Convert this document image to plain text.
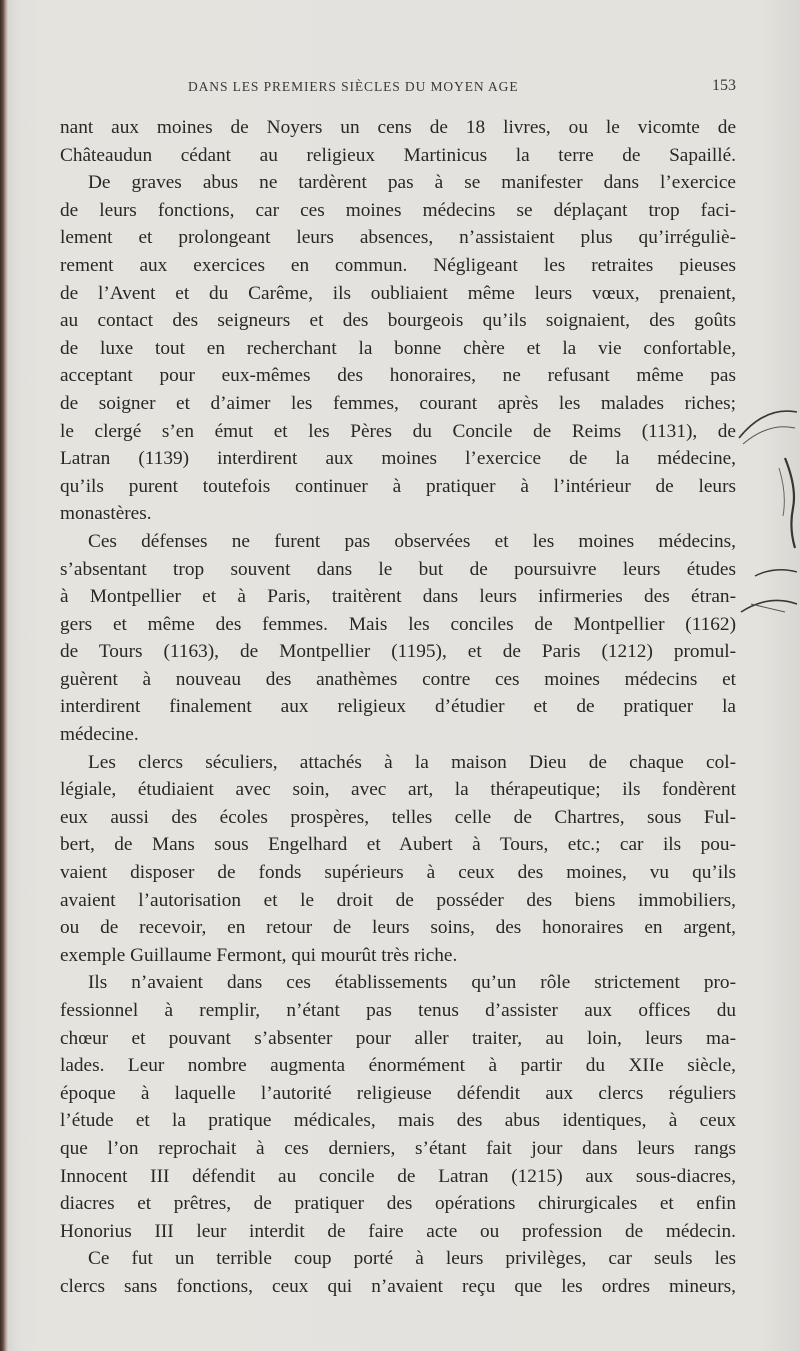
DANS LES PREMIERS SIÈCLES DU MOYEN AGE	153
nant aux moines de Noyers un cens de 18 livres, ou le vicomte de
Châteaudun cédant au religieux Martinicus la terre de Sapaillé.
De graves abus ne tardèrent pas à se manifester dans l’exercice
de leurs fonctions, car ces moines médecins se déplaçant trop faci-
lement et prolongeant leurs absences, n’assistaient plus qu’irréguliè-
rement aux exercices en commun. Négligeant les retraites pieuses
de l’Avent et du Carême, ils oubliaient même leurs vœux, prenaient,
au contact des seigneurs et des bourgeois qu’ils soignaient, des goûts
de luxe tout en recherchant la bonne chère et la vie confortable,
acceptant pour eux-mêmes des honoraires, ne refusant même pas
de soigner et d’aimer les femmes, courant après les malades riches;
le clergé s’en émut et les Pères du Concile de Reims (1131), de
Latran (1139) interdirent aux moines l’exercice de la médecine,
qu’ils purent toutefois continuer à pratiquer à l’intérieur de leurs
monastères.
Ces défenses ne furent pas observées et les moines médecins,
s’absentant trop souvent dans le but de poursuivre leurs études
à Montpellier et à Paris, traitèrent dans leurs infirmeries des étran-
gers et même des femmes. Mais les conciles de Montpellier (1162)
de Tours (1163), de Montpellier (1195), et de Paris (1212) promul-
guèrent à nouveau des anathèmes contre ces moines médecins et
interdirent finalement aux religieux d’étudier et de pratiquer la
médecine.
Les clercs séculiers, attachés à la maison Dieu de chaque col-
légiale, étudiaient avec soin, avec art, la thérapeutique; ils fondèrent
eux aussi des écoles prospères, telles celle de Chartres, sous Ful-
bert, de Mans sous Engelhard et Aubert à Tours, etc.; car ils pou-
vaient disposer de fonds supérieurs à ceux des moines, vu qu’ils
avaient l’autorisation et le droit de posséder des biens immobiliers,
ou de recevoir, en retour de leurs soins, des honoraires en argent,
exemple Guillaume Fermont, qui mourût très riche.
Ils n’avaient dans ces établissements qu’un rôle strictement pro-
fessionnel à remplir, n’étant pas tenus d’assister aux offices du
chœur et pouvant s’absenter pour aller traiter, au loin, leurs ma-
lades. Leur nombre augmenta énormément à partir du XIIe siècle,
époque à laquelle l’autorité religieuse défendit aux clercs réguliers
l’étude et la pratique médicales, mais des abus identiques, à ceux
que l’on reprochait à ces derniers, s’étant fait jour dans leurs rangs
Innocent III défendit au concile de Latran (1215) aux sous-diacres,
diacres et prêtres, de pratiquer des opérations chirurgicales et enfin
Honorius III leur interdit de faire acte ou profession de médecin.
Ce fut un terrible coup porté à leurs privilèges, car seuls les
clercs sans fonctions, ceux qui n’avaient reçu que les ordres mineurs,
